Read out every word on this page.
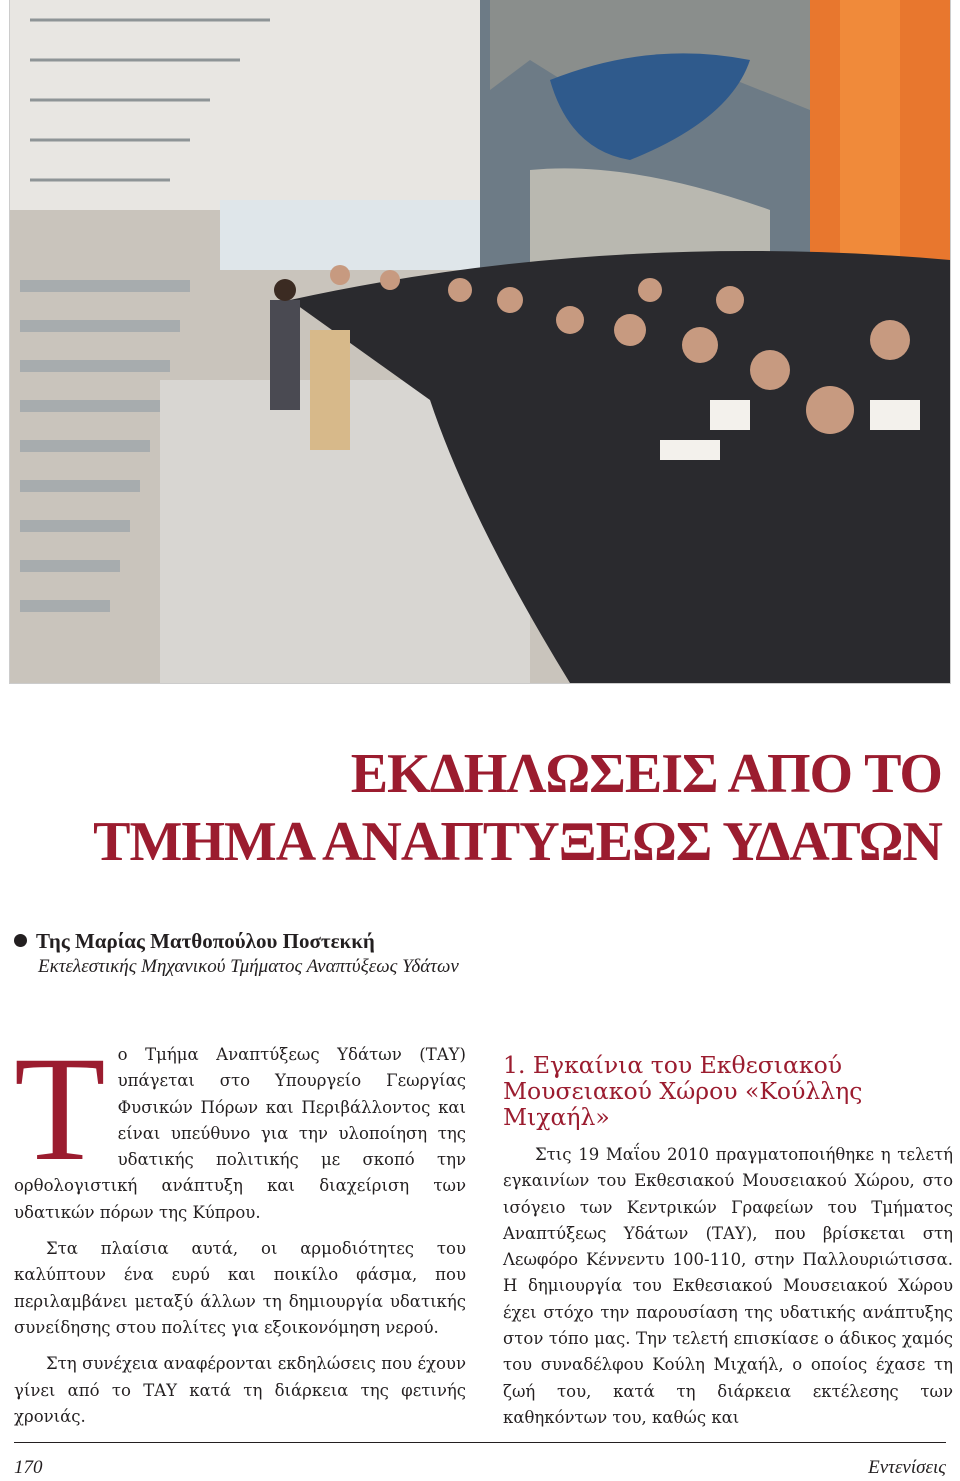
ΕΚΔΗΛΩΣΕΙΣ ΑΠΟ ΤΟ
ΤΜΗΜΑ ΑΝΑΠΤΥΞΕΩΣ ΥΔΑΤΩΝ
Της Μαρίας Ματθοπούλου Ποστεκκή
Εκτελεστικής Μηχανικού Τμήματος Αναπτύξεως Υδάτων
Τ ο Τμήμα Αναπτύξεως Υδάτων (ΤΑΥ) υπάγεται στο Υπουργείο Γεωργίας Φυσικών Πόρων και Περιβάλλοντος και είναι υπεύθυνο για την υλοποίηση της υδατικής πολιτικής με σκοπό την ορθολογιστική ανάπτυξη και διαχείριση των υδατικών πόρων της Κύπρου.

Στα πλαίσια αυτά, οι αρμοδιότητες του καλύπτουν ένα ευρύ και ποικίλο φάσμα, που περιλαμβάνει μεταξύ άλλων τη δημιουργία υδατικής συνείδησης στου πολίτες για εξοικονόμηση νερού.

Στη συνέχεια αναφέρονται εκδηλώσεις που έχουν γίνει από το ΤΑΥ κατά τη διάρκεια της φετινής χρονιάς.

1. Εγκαίνια του Εκθεσιακού Μουσειακού Χώρου «Κούλλης Μιχαήλ»

Στις 19 Μαΐου 2010 πραγματοποιήθηκε η τελετή εγκαινίων του Εκθεσιακού Μουσειακού Χώρου, στο ισόγειο των Κεντρικών Γραφείων του Τμήματος Αναπτύξεως Υδάτων (ΤΑΥ), που βρίσκεται στη Λεωφόρο Κέννεντυ 100-110, στην Παλλουριώτισσα. Η δημιουργία του Εκθεσιακού Μουσειακού Χώρου έχει στόχο την παρουσίαση της υδατικής ανάπτυξης στον τόπο μας. Την τελετή επισκίασε ο άδικος χαμός του συναδέλφου Κούλη Μιχαήλ, ο οποίος έχασε τη ζωή του, κατά τη διάρκεια εκτέλεσης των καθηκόντων του, καθώς και

170	Εντενίσεις
